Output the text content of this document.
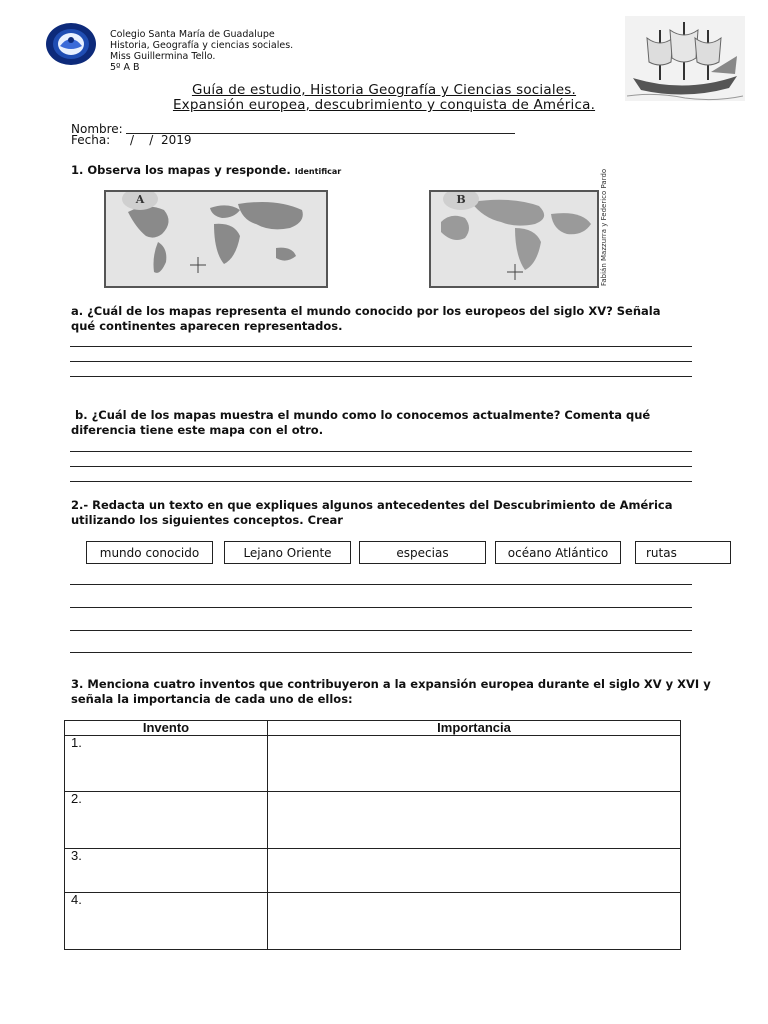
Colegio Santa María de Guadalupe
Historia, Geografía y ciencias sociales.
Miss Guillermina Tello.
5º A B
Guía de estudio, Historia Geografía y Ciencias sociales.
Expansión europea, descubrimiento y conquista de América.
Nombre:
Fecha: /    /  2019
1. Observa los mapas y responde. Identificar
A	B	Fabián Mazzurra y Federico Pardo
a. ¿Cuál de los mapas representa el mundo conocido por los europeos del siglo XV? Señala qué continentes aparecen representados.
b. ¿Cuál de los mapas muestra el mundo como lo conocemos actualmente? Comenta qué diferencia tiene este mapa con el otro.
2.- Redacta un texto en que expliques algunos antecedentes del Descubrimiento de América utilizando los siguientes conceptos. Crear
mundo conocido	Lejano Oriente	especias	océano Atlántico	rutas
3. Menciona cuatro inventos que contribuyeron a la expansión europea durante el siglo XV y XVI y señala la importancia de cada uno de ellos:
Invento	Importancia
1.	
2.	
3.	
4.	
